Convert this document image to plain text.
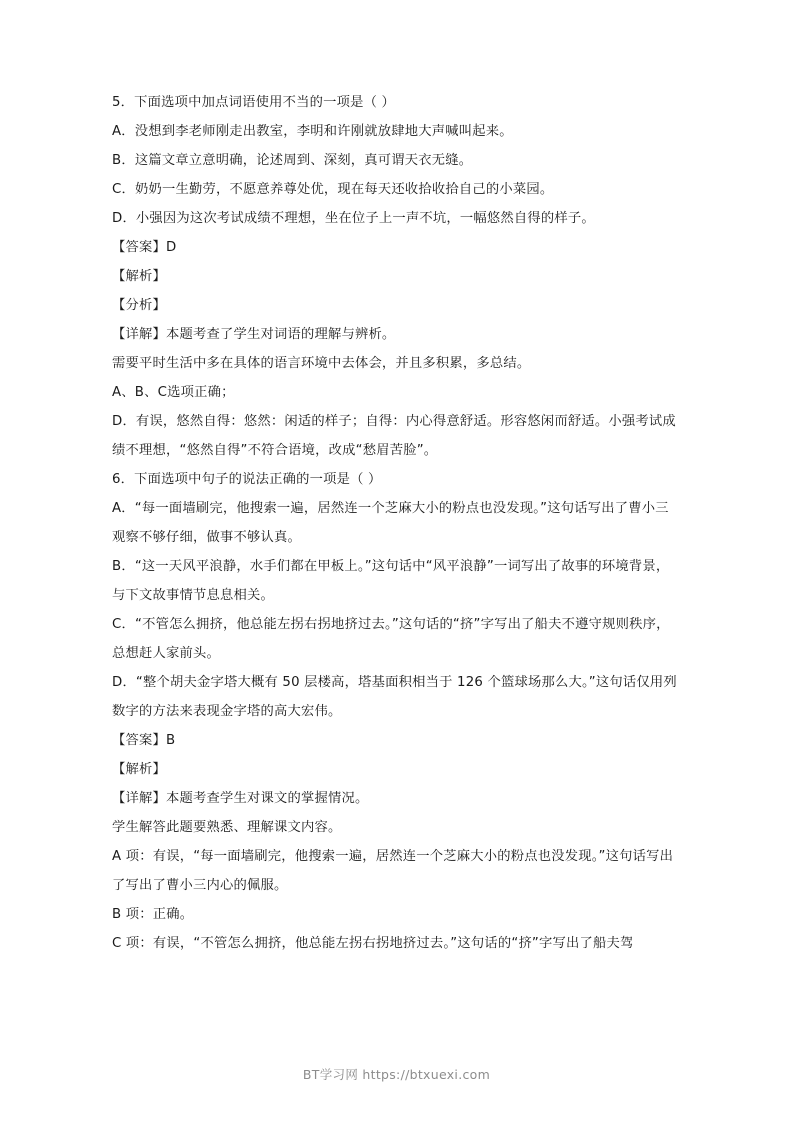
5．下面选项中加点词语使用不当的一项是（ ）
A．没想到李老师刚走出教室，李明和许刚就放肆地大声喊叫起来。
B．这篇文章立意明确，论述周到、深刻，真可谓天衣无缝。
C．奶奶一生勤劳，不愿意养尊处优，现在每天还收拾收拾自己的小菜园。
D．小强因为这次考试成绩不理想，坐在位子上一声不坑，一幅悠然自得的样子。
【答案】D
【解析】
【分析】
【详解】本题考查了学生对词语的理解与辨析。
需要平时生活中多在具体的语言环境中去体会，并且多积累，多总结。
A、B、C选项正确；
D．有误，悠然自得：悠然：闲适的样子；自得：内心得意舒适。形容悠闲而舒适。小强考试成绩不理想，“悠然自得”不符合语境，改成“愁眉苦脸”。
6．下面选项中句子的说法正确的一项是（ ）
A．“每一面墙刷完，他搜索一遍，居然连一个芝麻大小的粉点也没发现。”这句话写出了曹小三观察不够仔细，做事不够认真。
B．“这一天风平浪静，水手们都在甲板上。”这句话中“风平浪静”一词写出了故事的环境背景，与下文故事情节息息相关。
C．“不管怎么拥挤，他总能左拐右拐地挤过去。”这句话的“挤”字写出了船夫不遵守规则秩序，总想赶人家前头。
D．“整个胡夫金字塔大概有 50 层楼高，塔基面积相当于 126 个篮球场那么大。”这句话仅用列数字的方法来表现金字塔的高大宏伟。
【答案】B
【解析】
【详解】本题考查学生对课文的掌握情况。
学生解答此题要熟悉、理解课文内容。
A 项：有误，“每一面墙刷完，他搜索一遍，居然连一个芝麻大小的粉点也没发现。”这句话写出了写出了曹小三内心的佩服。
B 项：正确。
C 项：有误，“不管怎么拥挤，他总能左拐右拐地挤过去。”这句话的“挤”字写出了船夫驾
BT学习网 https://btxuexi.com
